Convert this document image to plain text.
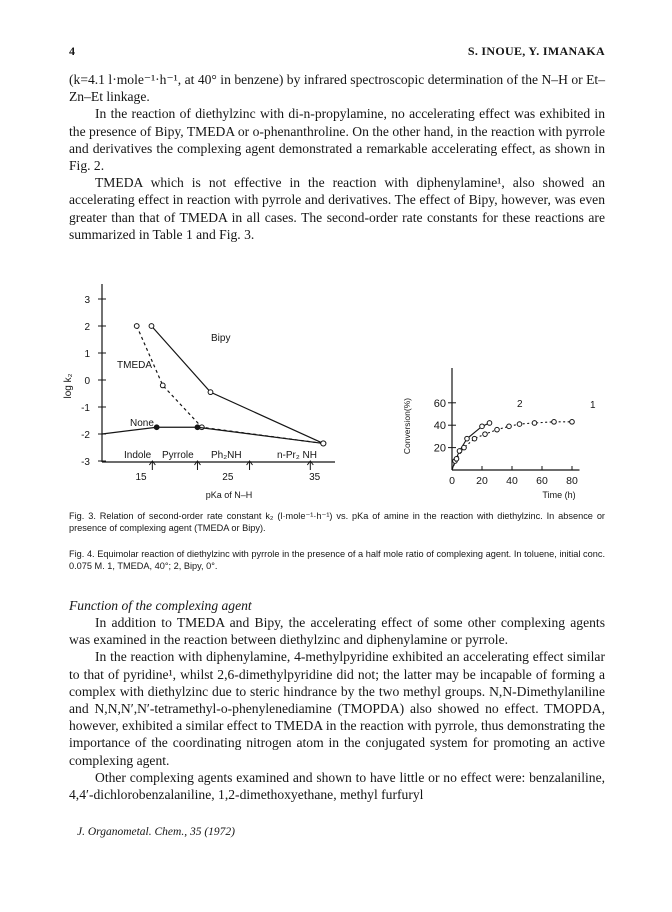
4	S. INOUE, Y. IMANAKA

(k=4.1 l·mole⁻¹·h⁻¹, at 40° in benzene) by infrared spectroscopic determination of the N–H or Et–Zn–Et linkage.

In the reaction of diethylzinc with di-n-propylamine, no accelerating effect was exhibited in the presence of Bipy, TMEDA or o-phenanthroline. On the other hand, in the reaction with pyrrole and derivatives the complexing agent demonstrated a remarkable accelerating effect, as shown in Fig. 2.

TMEDA which is not effective in the reaction with diphenylamine¹, also showed an accelerating effect in reaction with pyrrole and derivatives. The effect of Bipy, however, was even greater than that of TMEDA in all cases. The second-order rate constants for these reactions are summarized in Table 1 and Fig. 3.

3
2
1
0
-1
-2
-3
15	25	35
log k₂
Bipy
TMEDA
None
Indole Pyrrole Ph₂NH	n-Pr₂ NH
pKa of N–H
20
40
60
0 20 40 60 80
Conversion(%)	2	1
Time (h)

Fig. 3. Relation of second-order rate constant k₂ (l·mole⁻¹·h⁻¹) vs. pKa of amine in the reaction with diethylzinc. In absence or presence of complexing agent (TMEDA or Bipy).

Fig. 4. Equimolar reaction of diethylzinc with pyrrole in the presence of a half mole ratio of complexing agent. In toluene, initial conc. 0.075 M. 1, TMEDA, 40°; 2, Bipy, 0°.

Function of the complexing agent

In addition to TMEDA and Bipy, the accelerating effect of some other complexing agents was examined in the reaction between diethylzinc and diphenylamine or pyrrole.

In the reaction with diphenylamine, 4-methylpyridine exhibited an accelerating effect similar to that of pyridine¹, whilst 2,6-dimethylpyridine did not; the latter may be incapable of forming a complex with diethylzinc due to steric hindrance by the two methyl groups. N,N-Dimethylaniline and N,N,N′,N′-tetramethyl-o-phenylenediamine (TMOPDA) also showed no effect. TMOPDA, however, exhibited a similar effect to TMEDA in the reaction with pyrrole, thus demonstrating the importance of the coordinating nitrogen atom in the conjugated system for promoting an active complexing agent.

Other complexing agents examined and shown to have little or no effect were: benzalaniline, 4,4′-dichlorobenzalaniline, 1,2-dimethoxyethane, methyl furfuryl

J. Organometal. Chem., 35 (1972)
